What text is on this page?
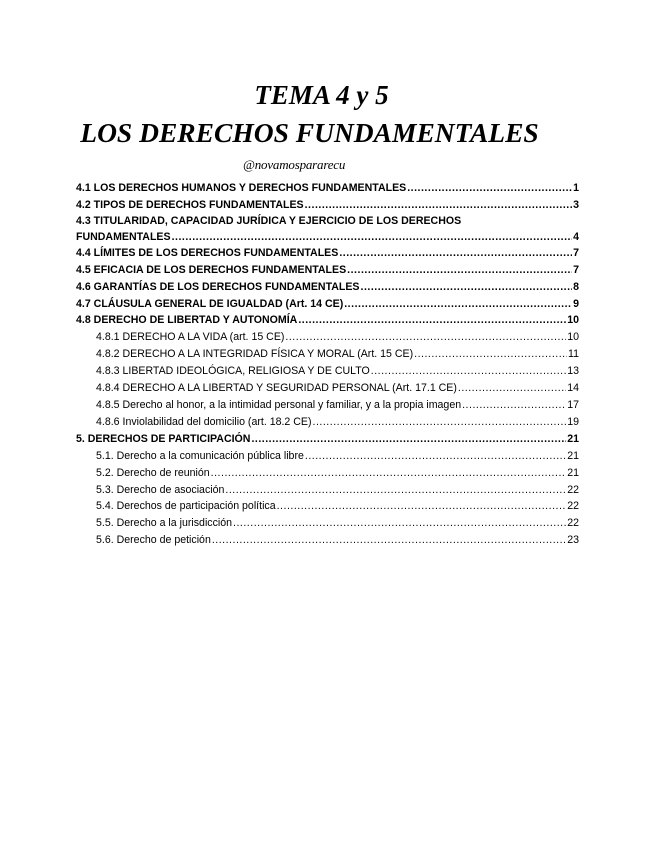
TEMA 4 y 5
LOS DERECHOS FUNDAMENTALES
@novamospararecu
4.1 LOS DERECHOS HUMANOS Y DERECHOS FUNDAMENTALES .....	1
4.2 TIPOS DE DERECHOS FUNDAMENTALES .....	3
4.3 TITULARIDAD, CAPACIDAD JURÍDICA Y EJERCICIO DE LOS DERECHOS
FUNDAMENTALES .....	4
4.4 LÍMITES DE LOS DERECHOS FUNDAMENTALES .....	7
4.5 EFICACIA DE LOS DERECHOS FUNDAMENTALES .....	7
4.6 GARANTÍAS DE LOS DERECHOS FUNDAMENTALES .....	8
4.7 CLÁUSULA GENERAL DE IGUALDAD (Art. 14 CE) .....	9
4.8 DERECHO DE LIBERTAD Y AUTONOMÍA .....	10
4.8.1 DERECHO A LA VIDA (art. 15 CE) .....	10
4.8.2 DERECHO A LA INTEGRIDAD FÍSICA Y MORAL (Art. 15 CE) .....	11
4.8.3 LIBERTAD IDEOLÓGICA, RELIGIOSA Y DE CULTO .....	13
4.8.4 DERECHO A LA LIBERTAD Y SEGURIDAD PERSONAL (Art. 17.1 CE) .....	14
4.8.5 Derecho al honor, a la intimidad personal y familiar, y a la propia imagen .....	17
4.8.6 Inviolabilidad del domicilio (art. 18.2 CE) .....	19
5. DERECHOS DE PARTICIPACIÓN .....	21
5.1. Derecho a la comunicación pública libre .....	21
5.2. Derecho de reunión .....	21
5.3. Derecho de asociación .....	22
5.4. Derechos de participación política .....	22
5.5. Derecho a la jurisdicción .....	22
5.6. Derecho de petición .....	23
